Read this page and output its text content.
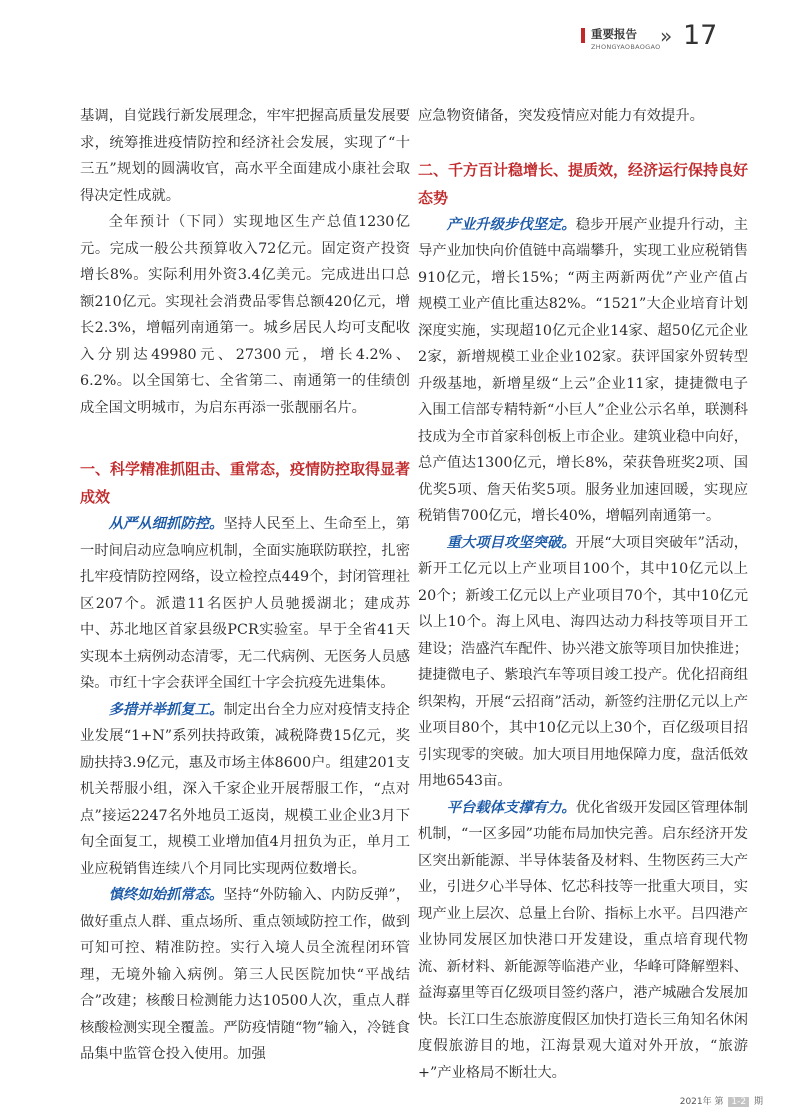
重要报告
ZHONGYAOBAOGAO » 17

基调，自觉践行新发展理念，牢牢把握高质量发展要求，统筹推进疫情防控和经济社会发展，实现了“十三五”规划的圆满收官，高水平全面建成小康社会取得决定性成就。

全年预计（下同）实现地区生产总值1230亿元。完成一般公共预算收入72亿元。固定资产投资增长8%。实际利用外资3.4亿美元。完成进出口总额210亿元。实现社会消费品零售总额420亿元，增长2.3%，增幅列南通第一。城乡居民人均可支配收入分别达49980元、27300元，增长4.2%、6.2%。以全国第七、全省第二、南通第一的佳绩创成全国文明城市，为启东再添一张靓丽名片。

一、科学精准抓阻击、重常态，疫情防控取得显著成效

从严从细抓防控。坚持人民至上、生命至上，第一时间启动应急响应机制，全面实施联防联控，扎密扎牢疫情防控网络，设立检控点449个，封闭管理社区207个。派遣11名医护人员驰援湖北；建成苏中、苏北地区首家县级PCR实验室。早于全省41天实现本土病例动态清零，无二代病例、无医务人员感染。市红十字会获评全国红十字会抗疫先进集体。

多措并举抓复工。制定出台全力应对疫情支持企业发展“1+N”系列扶持政策，减税降费15亿元，奖励扶持3.9亿元，惠及市场主体8600户。组建201支机关帮服小组，深入千家企业开展帮服工作，“点对点”接运2247名外地员工返岗，规模工业企业3月下旬全面复工，规模工业增加值4月扭负为正，单月工业应税销售连续八个月同比实现两位数增长。

慎终如始抓常态。坚持“外防输入、内防反弹”，做好重点人群、重点场所、重点领域防控工作，做到可知可控、精准防控。实行入境人员全流程闭环管理，无境外输入病例。第三人民医院加快“平战结合”改建；核酸日检测能力达10500人次，重点人群核酸检测实现全覆盖。严防疫情随“物”输入，冷链食品集中监管仓投入使用。加强

应急物资储备，突发疫情应对能力有效提升。

二、千方百计稳增长、提质效，经济运行保持良好态势

产业升级步伐坚定。稳步开展产业提升行动，主导产业加快向价值链中高端攀升，实现工业应税销售910亿元，增长15%；“两主两新两优”产业产值占规模工业产值比重达82%。“1521”大企业培育计划深度实施，实现超10亿元企业14家、超50亿元企业2家，新增规模工业企业102家。获评国家外贸转型升级基地，新增星级“上云”企业11家，捷捷微电子入围工信部专精特新“小巨人”企业公示名单，联测科技成为全市首家科创板上市企业。建筑业稳中向好，总产值达1300亿元，增长8%，荣获鲁班奖2项、国优奖5项、詹天佑奖5项。服务业加速回暖，实现应税销售700亿元，增长40%，增幅列南通第一。

重大项目攻坚突破。开展“大项目突破年”活动，新开工亿元以上产业项目100个，其中10亿元以上20个；新竣工亿元以上产业项目70个，其中10亿元以上10个。海上风电、海四达动力科技等项目开工建设；浩盛汽车配件、协兴港文旅等项目加快推进；捷捷微电子、紫琅汽车等项目竣工投产。优化招商组织架构，开展“云招商”活动，新签约注册亿元以上产业项目80个，其中10亿元以上30个，百亿级项目招引实现零的突破。加大项目用地保障力度，盘活低效用地6543亩。

平台载体支撑有力。优化省级开发园区管理体制机制，“一区多园”功能布局加快完善。启东经济开发区突出新能源、半导体装备及材料、生物医药三大产业，引进夕心半导体、忆芯科技等一批重大项目，实现产业上层次、总量上台阶、指标上水平。吕四港产业协同发展区加快港口开发建设，重点培育现代物流、新材料、新能源等临港产业，华峰可降解塑料、益海嘉里等百亿级项目签约落户，港产城融合发展加快。长江口生态旅游度假区加快打造长三角知名休闲度假旅游目的地，江海景观大道对外开放，“旅游+”产业格局不断壮大。

2021年 第 1-2 期
